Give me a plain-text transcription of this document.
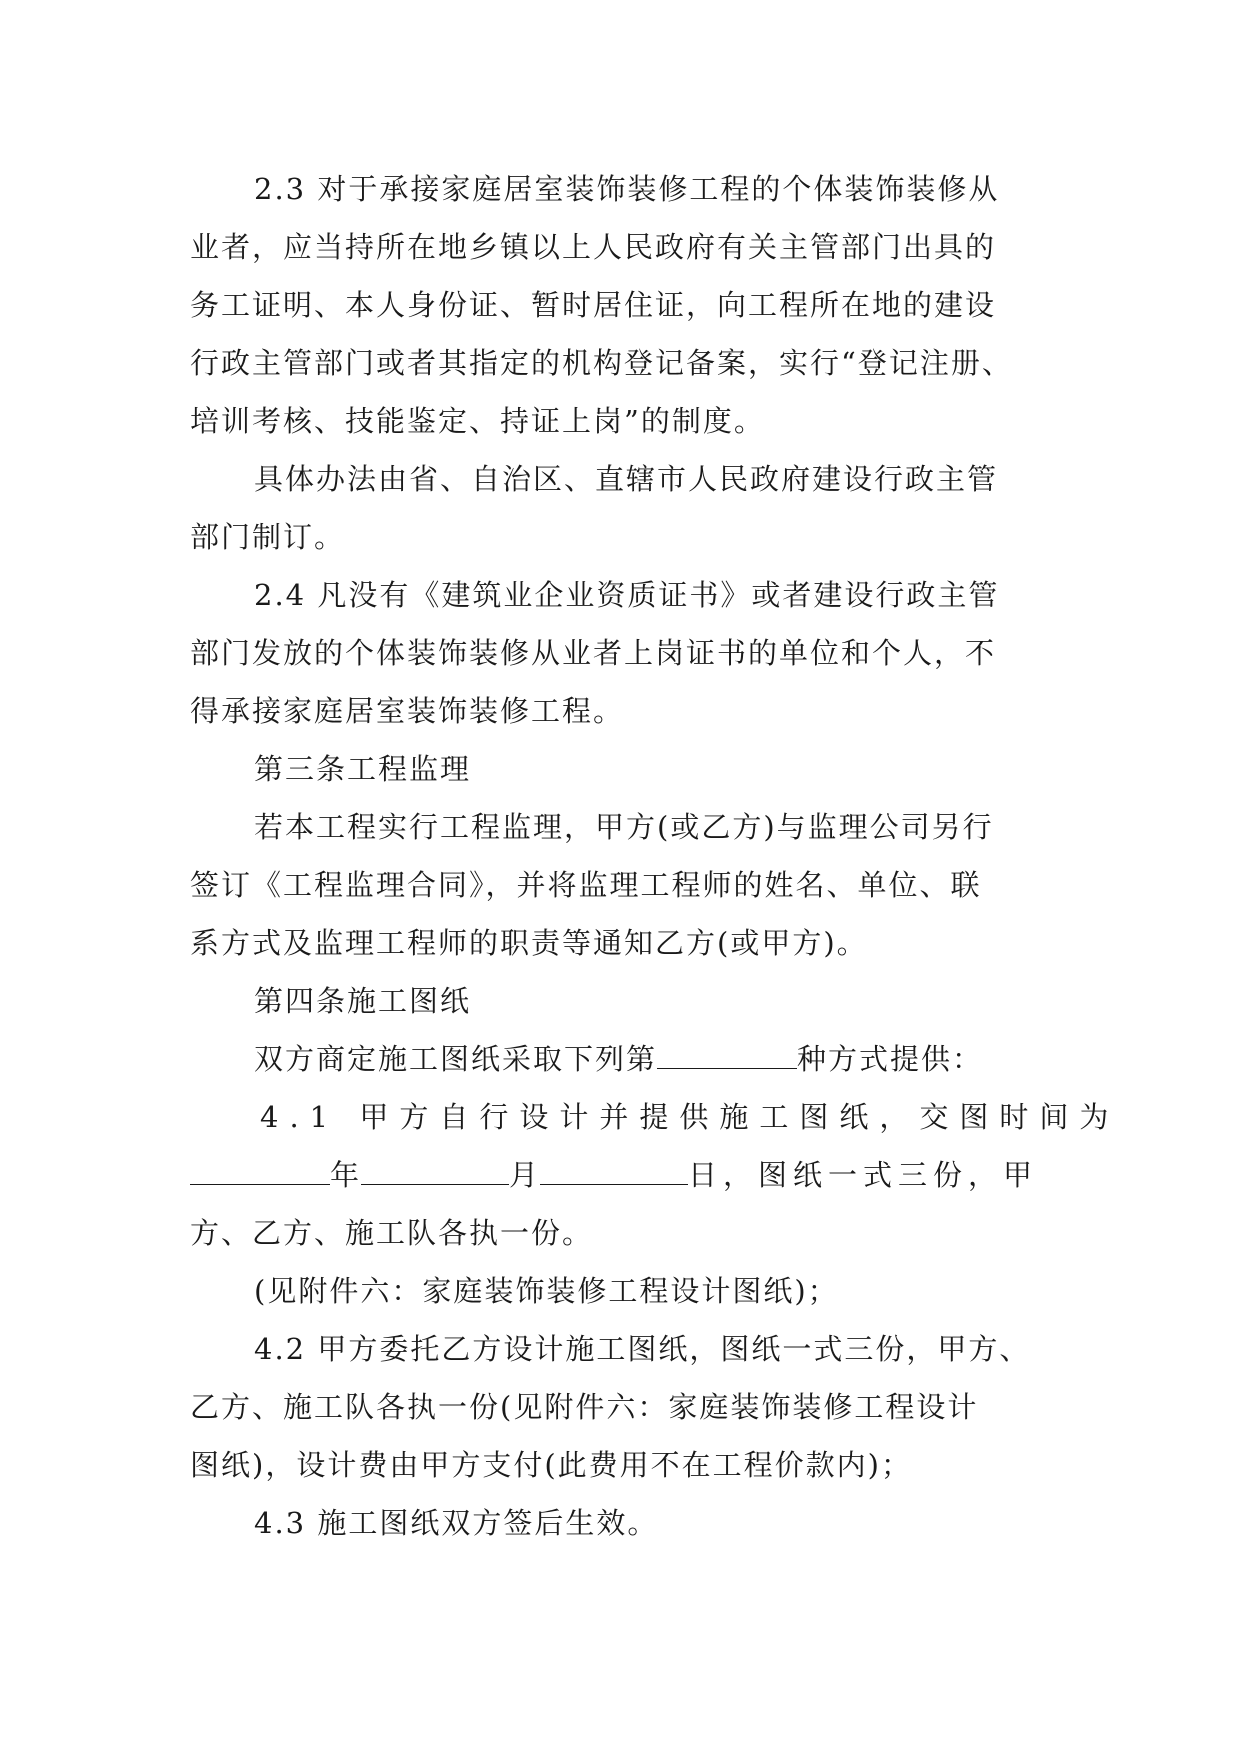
2.3 对于承接家庭居室装饰装修工程的个体装饰装修从
业者，应当持所在地乡镇以上人民政府有关主管部门出具的
务工证明、本人身份证、暂时居住证，向工程所在地的建设
行政主管部门或者其指定的机构登记备案，实行“登记注册、
培训考核、技能鉴定、持证上岗”的制度。
具体办法由省、自治区、直辖市人民政府建设行政主管
部门制订。
2.4 凡没有《建筑业企业资质证书》或者建设行政主管
部门发放的个体装饰装修从业者上岗证书的单位和个人，不
得承接家庭居室装饰装修工程。
第三条工程监理
若本工程实行工程监理，甲方(或乙方)与监理公司另行
签订《工程监理合同》，并将监理工程师的姓名、单位、联
系方式及监理工程师的职责等通知乙方(或甲方)。
第四条施工图纸
双方商定施工图纸采取下列第	种方式提供：
4.1 甲方自行设计并提供施工图纸，交图时间为
年	月	日，图纸一式三份，甲
方、乙方、施工队各执一份。
(见附件六：家庭装饰装修工程设计图纸)；
4.2 甲方委托乙方设计施工图纸，图纸一式三份，甲方、
乙方、施工队各执一份(见附件六：家庭装饰装修工程设计
图纸)，设计费由甲方支付(此费用不在工程价款内)；
4.3 施工图纸双方签后生效。
